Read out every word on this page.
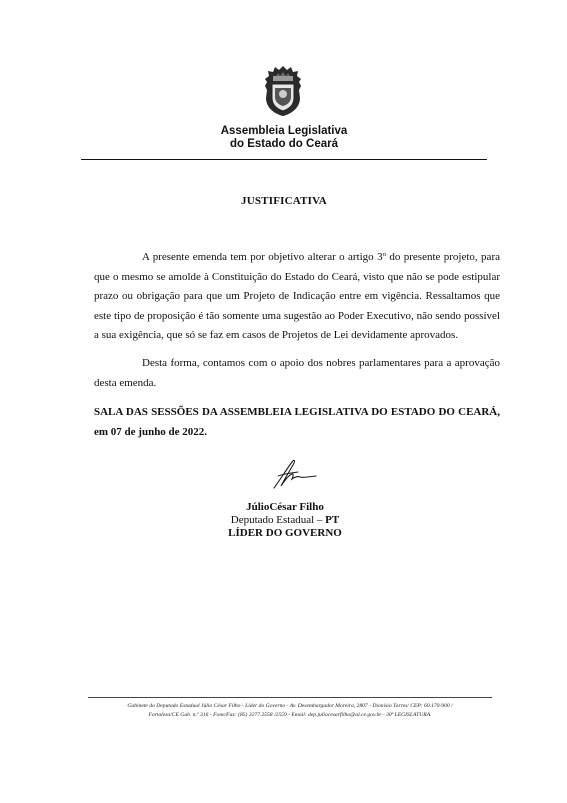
Assembleia Legislativa
do Estado do Ceará
JUSTIFICATIVA
A presente emenda tem por objetivo alterar o artigo 3º do presente projeto, para que o mesmo se amolde à Constituição do Estado do Ceará, visto que não se pode estipular prazo ou obrigação para que um Projeto de Indicação entre em vigência. Ressaltamos que este tipo de proposição é tão somente uma sugestão ao Poder Executivo, não sendo possível a sua exigência, que só se faz em casos de Projetos de Lei devidamente aprovados.
Desta forma, contamos com o apoio dos nobres parlamentares para a aprovação desta emenda.
SALA DAS SESSÕES DA ASSEMBLEIA LEGISLATIVA DO ESTADO DO CEARÁ, em 07 de junho de 2022.
JúlioCésar Filho
Deputado Estadual – PT
LÍDER DO GOVERNO
Gabinete do Deputado Estadual Júlio César Filho - Líder do Governo - Av. Desembargador Moreira, 2807 - Dionísio Torres/ CEP: 60.170-900 /
Fortaleza/CE Gab. n.º 316 - Fone/Fax: (85) 3277.2558 /2559 - Email: dep.juliocesarfilho@al.ce.gov.br - 30ª LEGISLATURA.
